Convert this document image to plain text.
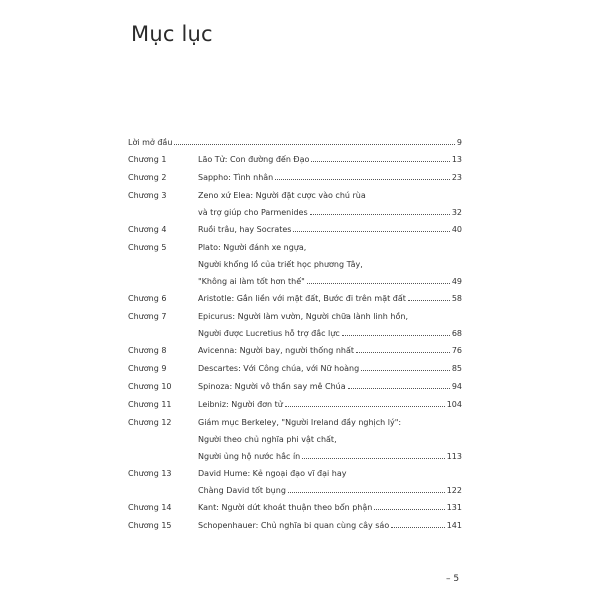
Mục lục
Lời mở đầu	9
Chương 1	Lão Tử: Con đường đến Đạo	13
Chương 2	Sappho: Tình nhân	23
Chương 3	Zeno xứ Elea: Người đặt cược vào chú rùa
và trợ giúp cho Parmenides	32
Chương 4	Ruồi trâu, hay Socrates	40
Chương 5	Plato: Người đánh xe ngựa,
Người khổng lồ của triết học phương Tây,
"Không ai làm tốt hơn thế"	49
Chương 6	Aristotle: Gắn liền với mặt đất, Bước đi trên mặt đất	58
Chương 7	Epicurus: Người làm vườn, Người chữa lành linh hồn,
Người được Lucretius hỗ trợ đắc lực	68
Chương 8	Avicenna: Người bay, người thống nhất	76
Chương 9	Descartes: Với Công chúa, với Nữ hoàng	85
Chương 10	Spinoza: Người vô thần say mê Chúa	94
Chương 11	Leibniz: Người đơn tử	104
Chương 12	Giám mục Berkeley, "Người Ireland đầy nghịch lý":
Người theo chủ nghĩa phi vật chất,
Người ủng hộ nước hắc ín	113
Chương 13	David Hume: Kẻ ngoại đạo vĩ đại hay
Chàng David tốt bụng	122
Chương 14	Kant: Người dứt khoát thuận theo bổn phận	131
Chương 15	Schopenhauer: Chủ nghĩa bi quan cùng cây sáo	141
– 5
